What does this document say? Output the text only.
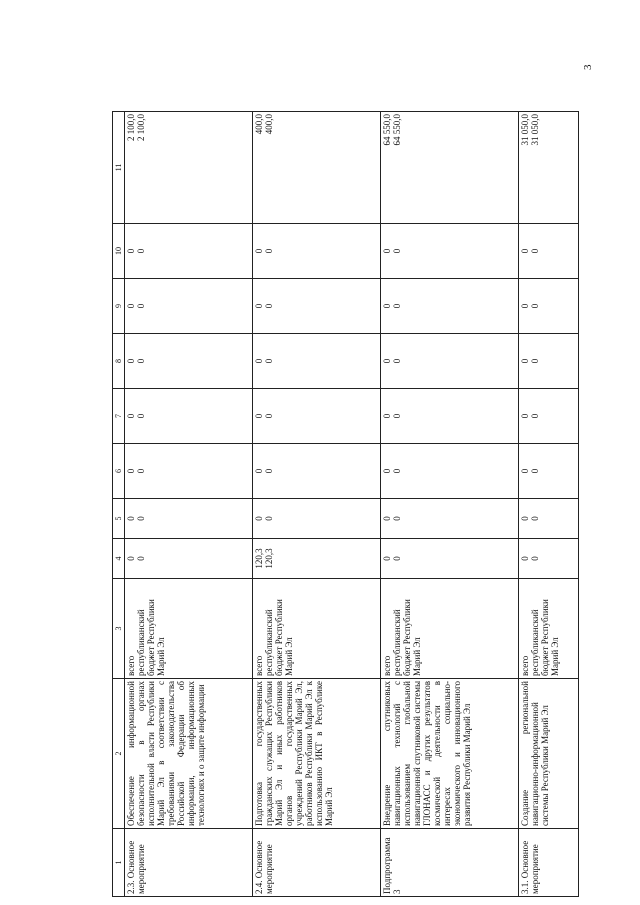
3
1	2	3	4	5	6	7	8	9	10	11
2.3. Основное мероприятие	Обеспечение информационной безопасности в органах исполнительной власти Республики Марий Эл в соответствии с требованиями законодательства Российской Федерации об информации, информационных технологиях и о защите информации	всего республиканский бюджет Республики Марий Эл	0 0	0 0	0 0	0 0	0 0	0 0	0 0	2 100,0 2 100,0

2.4. Основное мероприятие	Подготовка государственных гражданских служащих Республики Марий Эл и иных работников органов государственных учреждений Республики Марий Эл, работников Республики Марий Эл к использованию ИКТ в Республике Марий Эл	всего республиканский бюджет Республики Марий Эл	120,3 120,3	0 0	0 0	0 0	0 0	0 0	0 0	400,0 400,0

Подпрограмма 3	Внедрение спутниковых навигационных технологий с использованием глобальной навигационной спутниковой системы ГЛОНАСС и других результатов космической деятельности в интересах социально-экономического и инновационного развития Республики Марий Эл	всего республиканский бюджет Республики Марий Эл	0 0	0 0	0 0	0 0	0 0	0 0	0 0	64 550,0 64 550,0

3.1. Основное мероприятие	Создание региональной навигационно-информационной системы Республики Марий Эл	всего республиканский бюджет Республики Марий Эл	0 0	0 0	0 0	0 0	0 0	0 0	0 0	31 050,0 31 050,0
